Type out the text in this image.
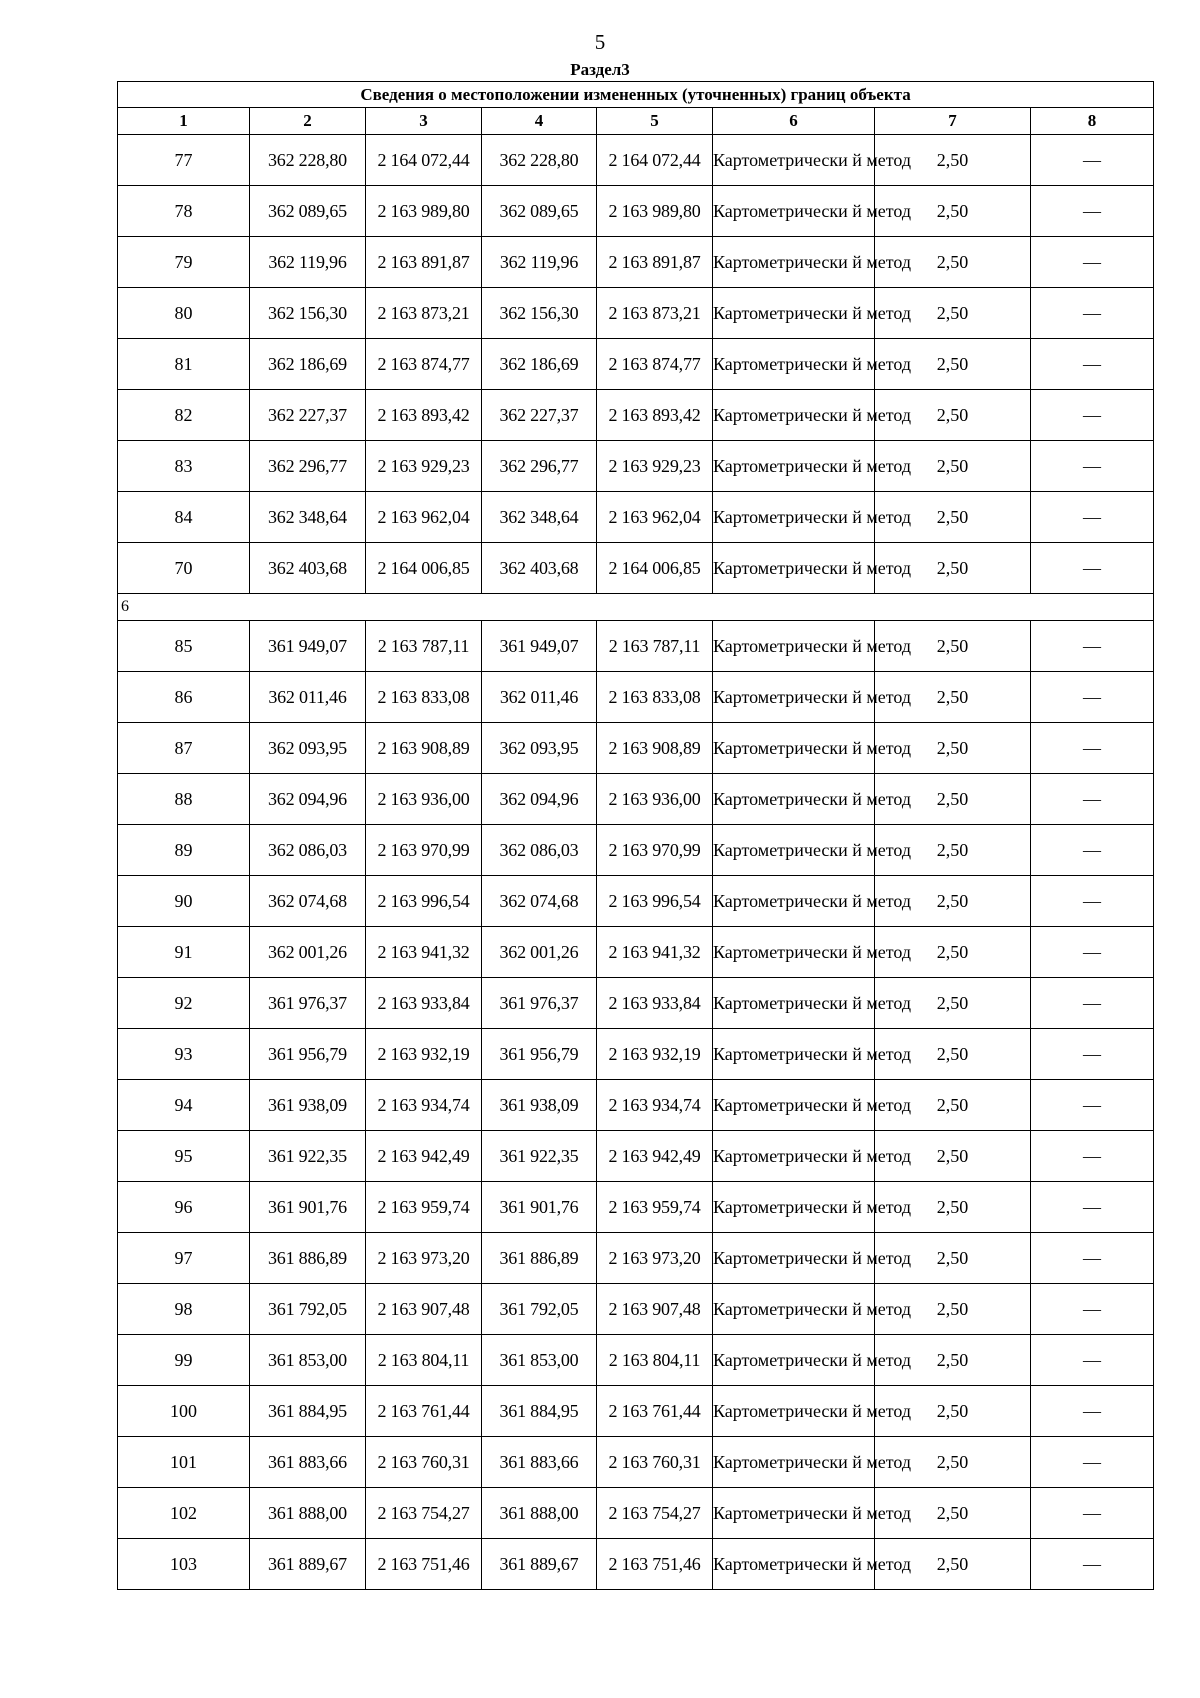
5
Раздел3
Сведения о местоположении измененных (уточненных) границ объекта							
1	2	3	4	5	6	7	8
77	362 228,80	2 164 072,44	362 228,80	2 164 072,44	Картометрически й метод	2,50	—
78	362 089,65	2 163 989,80	362 089,65	2 163 989,80	Картометрически й метод	2,50	—
79	362 119,96	2 163 891,87	362 119,96	2 163 891,87	Картометрически й метод	2,50	—
80	362 156,30	2 163 873,21	362 156,30	2 163 873,21	Картометрически й метод	2,50	—
81	362 186,69	2 163 874,77	362 186,69	2 163 874,77	Картометрически й метод	2,50	—
82	362 227,37	2 163 893,42	362 227,37	2 163 893,42	Картометрически й метод	2,50	—
83	362 296,77	2 163 929,23	362 296,77	2 163 929,23	Картометрически й метод	2,50	—
84	362 348,64	2 163 962,04	362 348,64	2 163 962,04	Картометрически й метод	2,50	—
70	362 403,68	2 164 006,85	362 403,68	2 164 006,85	Картометрически й метод	2,50	—
6							
85	361 949,07	2 163 787,11	361 949,07	2 163 787,11	Картометрически й метод	2,50	—
86	362 011,46	2 163 833,08	362 011,46	2 163 833,08	Картометрически й метод	2,50	—
87	362 093,95	2 163 908,89	362 093,95	2 163 908,89	Картометрически й метод	2,50	—
88	362 094,96	2 163 936,00	362 094,96	2 163 936,00	Картометрически й метод	2,50	—
89	362 086,03	2 163 970,99	362 086,03	2 163 970,99	Картометрически й метод	2,50	—
90	362 074,68	2 163 996,54	362 074,68	2 163 996,54	Картометрически й метод	2,50	—
91	362 001,26	2 163 941,32	362 001,26	2 163 941,32	Картометрически й метод	2,50	—
92	361 976,37	2 163 933,84	361 976,37	2 163 933,84	Картометрически й метод	2,50	—
93	361 956,79	2 163 932,19	361 956,79	2 163 932,19	Картометрически й метод	2,50	—
94	361 938,09	2 163 934,74	361 938,09	2 163 934,74	Картометрически й метод	2,50	—
95	361 922,35	2 163 942,49	361 922,35	2 163 942,49	Картометрически й метод	2,50	—
96	361 901,76	2 163 959,74	361 901,76	2 163 959,74	Картометрически й метод	2,50	—
97	361 886,89	2 163 973,20	361 886,89	2 163 973,20	Картометрически й метод	2,50	—
98	361 792,05	2 163 907,48	361 792,05	2 163 907,48	Картометрически й метод	2,50	—
99	361 853,00	2 163 804,11	361 853,00	2 163 804,11	Картометрически й метод	2,50	—
100	361 884,95	2 163 761,44	361 884,95	2 163 761,44	Картометрически й метод	2,50	—
101	361 883,66	2 163 760,31	361 883,66	2 163 760,31	Картометрически й метод	2,50	—
102	361 888,00	2 163 754,27	361 888,00	2 163 754,27	Картометрически й метод	2,50	—
103	361 889,67	2 163 751,46	361 889,67	2 163 751,46	Картометрически й метод	2,50	—
